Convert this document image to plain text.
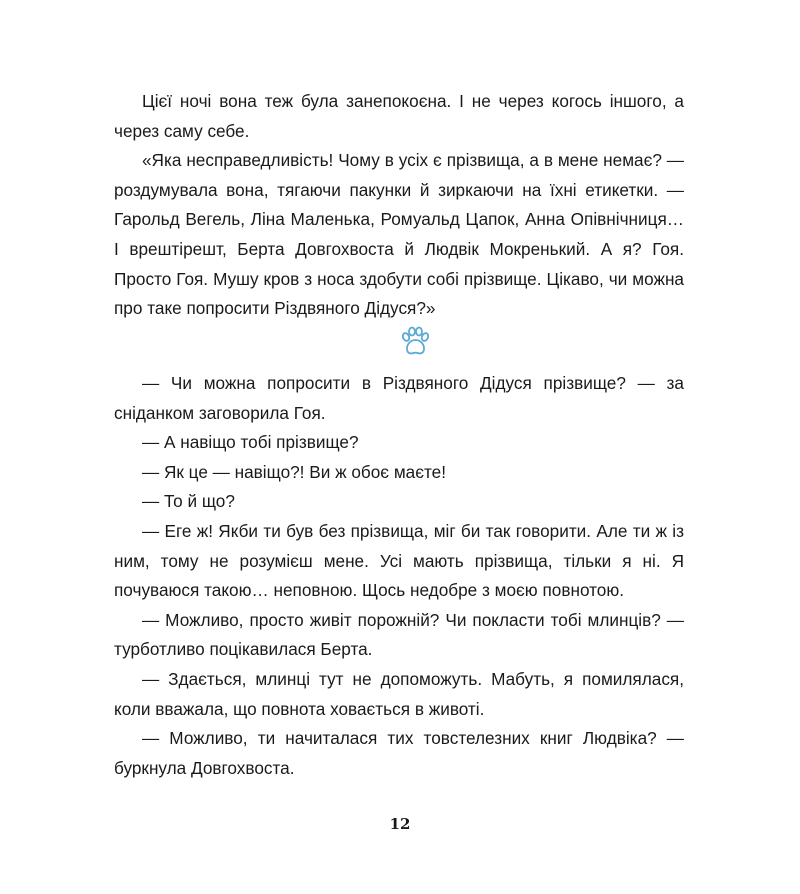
Цієї ночі вона теж була занепокоєна. І не через когось іншого, а через саму себе.

«Яка несправедливість! Чому в усіх є прізвища, а в мене немає? — роздумувала вона, тягаючи пакунки й зиркаючи на їхні етикетки. — Гарольд Вегель, Ліна Маленька, Ромуальд Цапок, Анна Опівнічниця… І врештірешт, Берта Довгохвоста й Людвік Мокренький. А я? Гоя. Просто Гоя. Мушу кров з носа здобути собі прізвище. Цікаво, чи можна про таке попросити Різдвяного Дідуся?»

— Чи можна попросити в Різдвяного Дідуся прізвище? — за сніданком заговорила Гоя.

— А навіщо тобі прізвище?

— Як це — навіщо?! Ви ж обоє маєте!

— То й що?

— Еге ж! Якби ти був без прізвища, міг би так говорити. Але ти ж із ним, тому не розумієш мене. Усі мають прізвища, тільки я ні. Я почуваюся такою… неповною. Щось недобре з моєю повнотою.

— Можливо, просто живіт порожній? Чи покласти тобі млинців? — турботливо поцікавилася Берта.

— Здається, млинці тут не допоможуть. Мабуть, я помилялася, коли вважала, що повнота ховається в животі.

— Можливо, ти начиталася тих товстелезних книг Людвіка? — буркнула Довгохвоста.

12
